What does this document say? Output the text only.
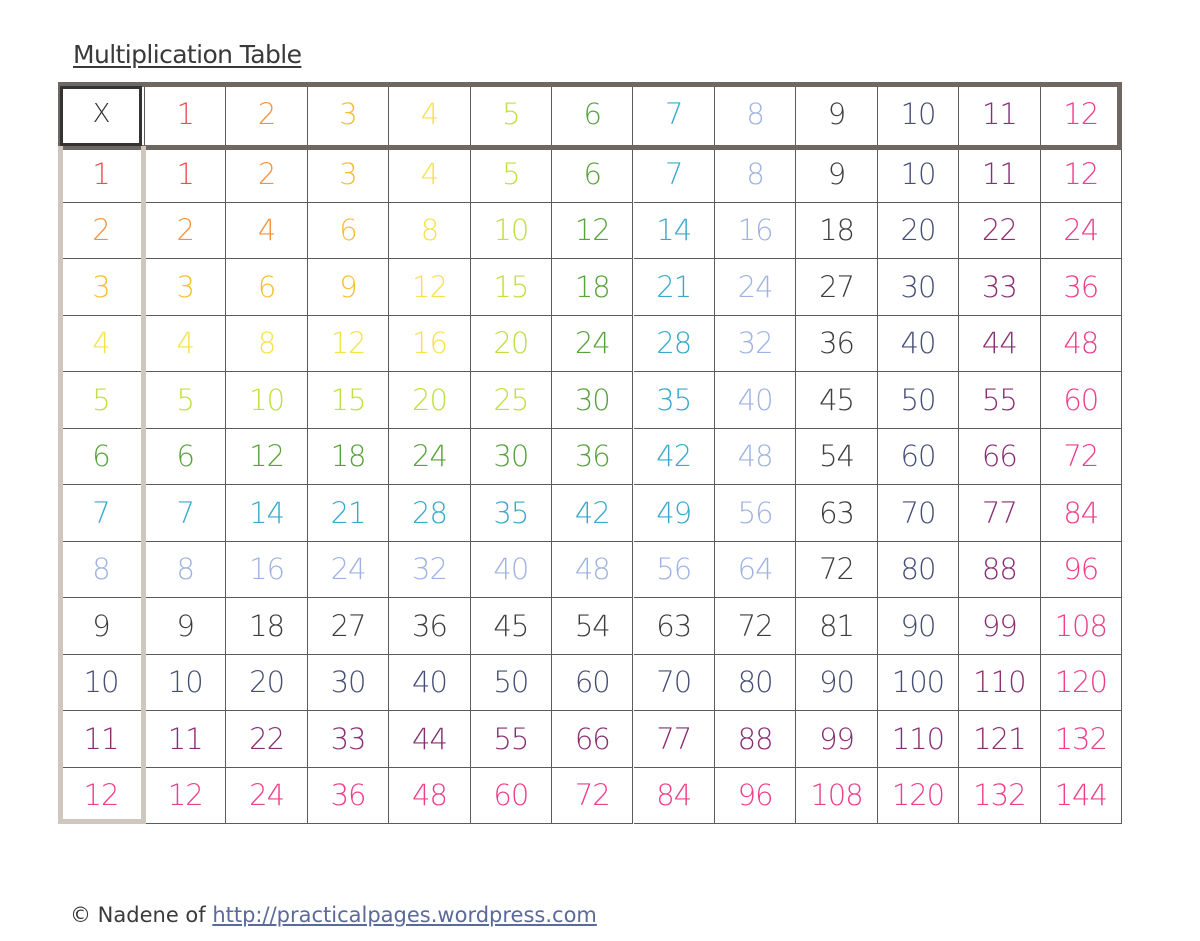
Multiplication Table
X	1	2	3	4	5	6	7	8	9	10	11	12
1	1	2	3	4	5	6	7	8	9	10	11	12
2	2	4	6	8	10	12	14	16	18	20	22	24
3	3	6	9	12	15	18	21	24	27	30	33	36
4	4	8	12	16	20	24	28	32	36	40	44	48
5	5	10	15	20	25	30	35	40	45	50	55	60
6	6	12	18	24	30	36	42	48	54	60	66	72
7	7	14	21	28	35	42	49	56	63	70	77	84
8	8	16	24	32	40	48	56	64	72	80	88	96
9	9	18	27	36	45	54	63	72	81	90	99	108
10	10	20	30	40	50	60	70	80	90	100	110	120
11	11	22	33	44	55	66	77	88	99	110	121	132
12	12	24	36	48	60	72	84	96	108	120	132	144
© Nadene of http://practicalpages.wordpress.com
